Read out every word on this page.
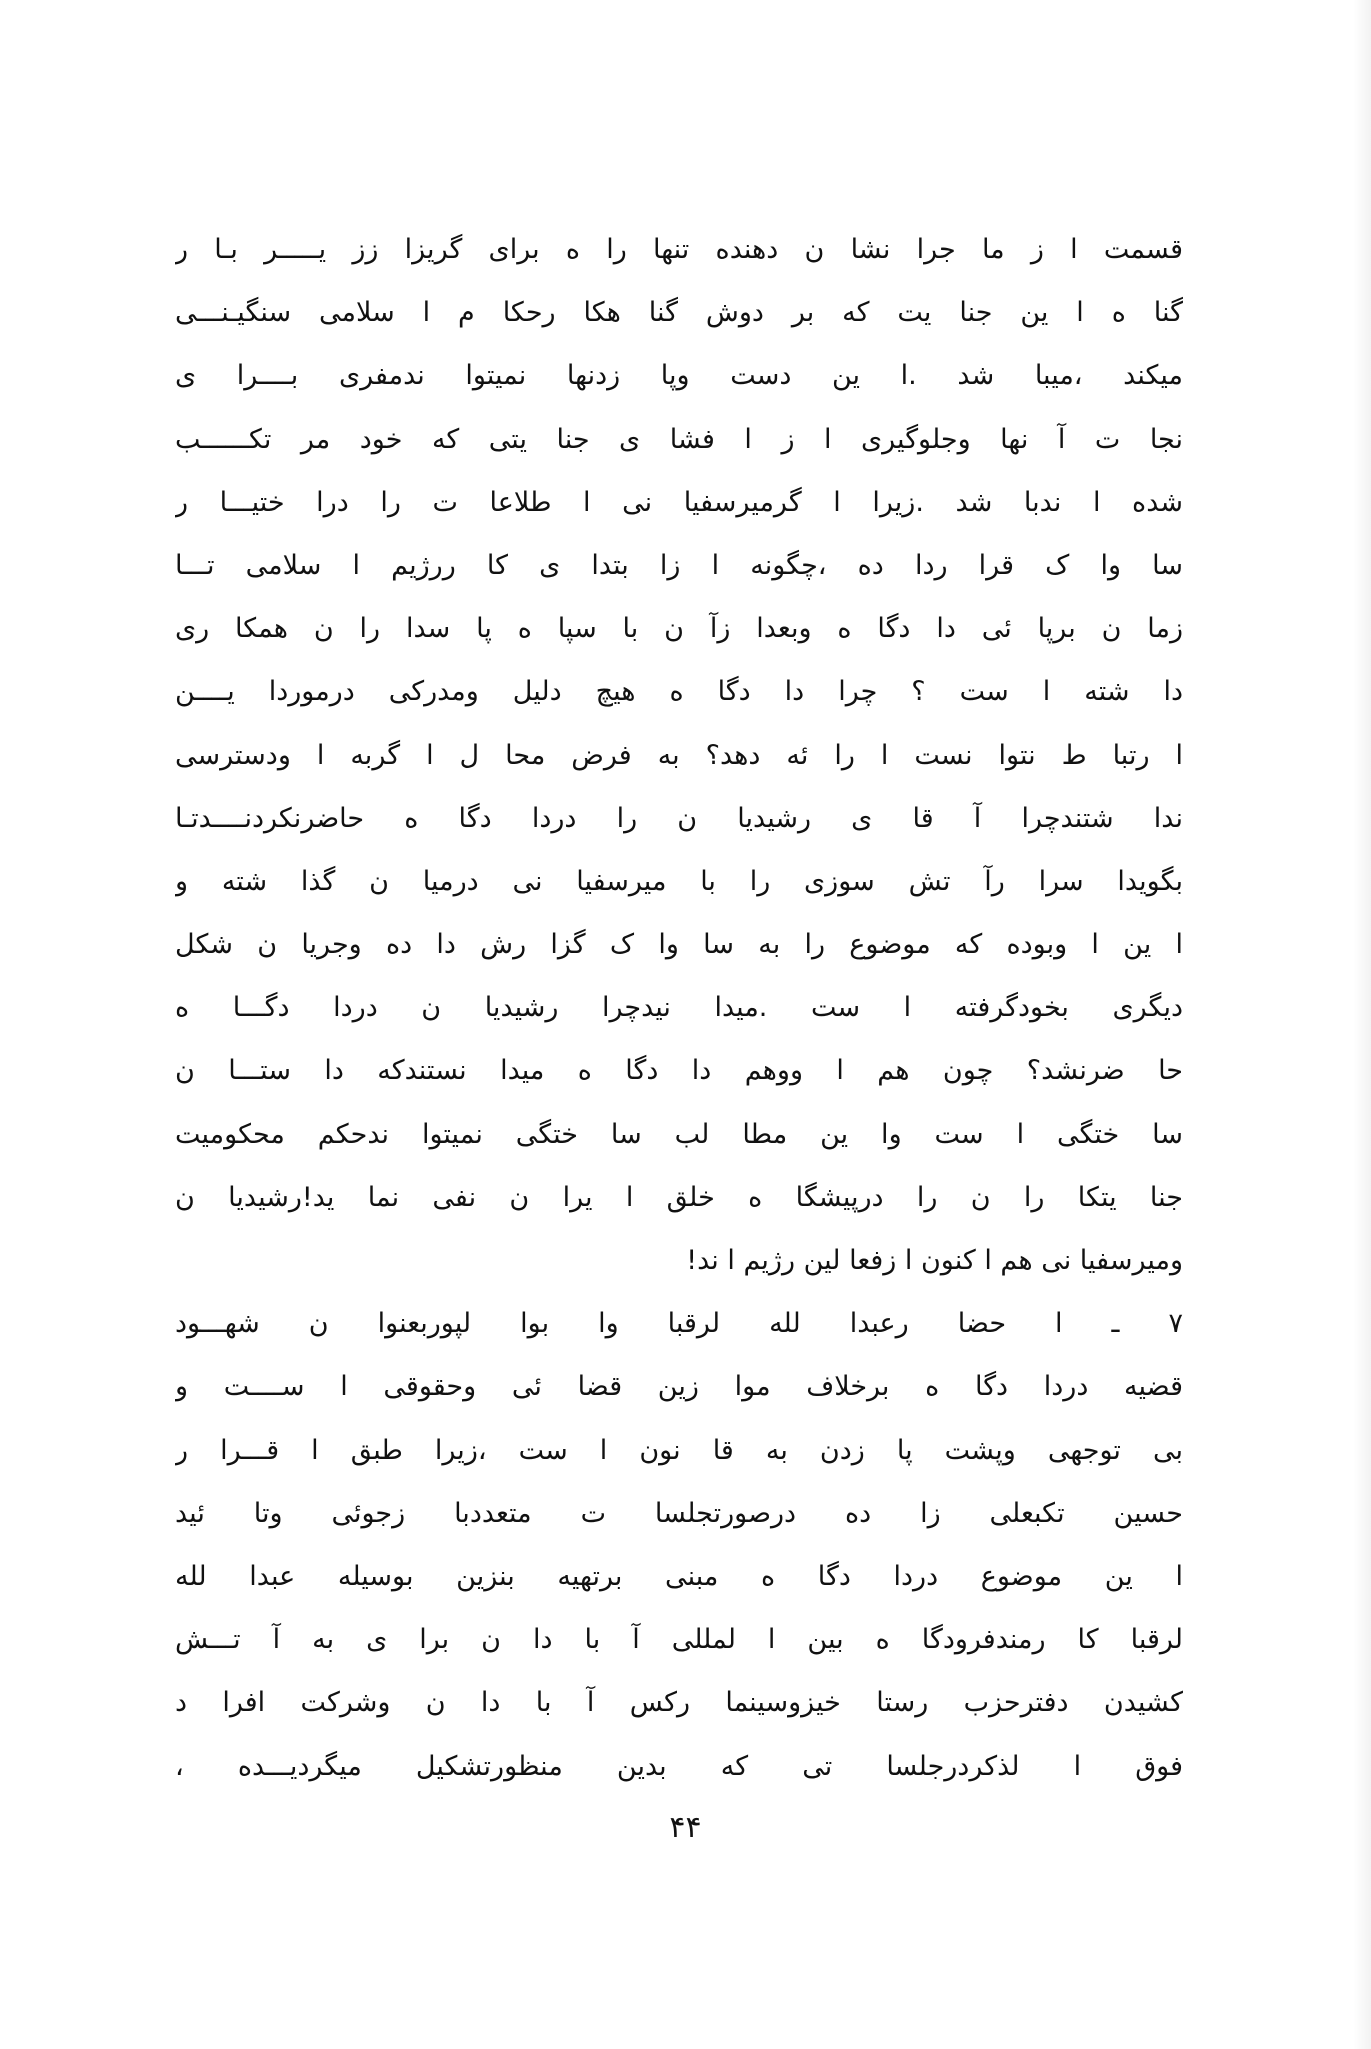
قسمت ا ز ما جرا نشا ن دهنده تنها را ه برای گریزا زز یـــــر بـا ر
گنا ه ا ین جنا یت که بر دوش گنا هکا رحکا م ا سلامی سنگیـنـــی
میکند ،میبا شد .ا ین دست وپا زدنها نمیتوا ندمفری بــــرا ی
نجا ت آ نها وجلوگیری ا ز ا فشا ی جنا یتی که خود مر تکــــــب
شده ا ندبا شد .زیرا ا گرمیرسفیا نی ا طلاعا ت را درا ختیـــا ر
سا وا ک قرا ردا ده ،چگونه ا زا بتدا ی کا ررژیم ا سلامی تـــا
زما ن برپا ئی دا دگا ه وبعدا زآ ن با سپا ه پا سدا را ن همکا ری
دا شته ا ست ؟ چرا دا دگا ه هیچ دلیل ومدرکی درموردا یــــن
ا رتبا ط نتوا نست ا را ئه دهد؟ به فرض محا ل ا گربه ا ودسترسی
ندا شتندچرا آ قا ی رشیدیا ن را دردا دگا ه حاضرنکردنــــدتـا
بگویدا سرا رآ تش سوزی را با میرسفیا نی درمیا ن گذا شته و
ا ین ا وبوده که موضوع را به سا وا ک گزا رش دا ده وجریا ن شکل
دیگری بخودگرفته ا ست .میدا نیدچرا رشیدیا ن دردا دگـــا ه
حا ضرنشد؟ چون هم ا ووهم دا دگا ه میدا نستندکه دا ستـــا ن
سا ختگی ا ست وا ین مطا لب سا ختگی نمیتوا ندحکم محکومیت
جنا یتکا را ن را درپیشگا ه خلق ا یرا ن نفی نما ید!رشیدیا ن
ومیرسفیا نی هم ا کنون ا زفعا لین رژیم ا ند!
۷ ـ ا حضا رعبدا لله لرقبا وا بوا لپوربعنوا ن شهـــود
قضیه دردا دگا ه برخلاف موا زین قضا ئی وحقوقی ا ســــت و
بی توجهی وپشت پا زدن به قا نون ا ست ،زیرا طبق ا قـــرا ر
حسین تکبعلی زا ده درصورتجلسا ت متعددبا زجوئی وتا ئید
ا ین موضوع دردا دگا ه مبنی برتهیه بنزین بوسیله عبدا لله
لرقبا کا رمندفرودگا ه بین ا لمللی آ با دا ن برا ی به آ تـــش
کشیدن دفترحزب رستا خیزوسینما رکس آ با دا ن وشرکت افرا د
فوق ا لذکردرجلسا تی که بدین منظورتشکیل میگردیـــده ،
۴۴
